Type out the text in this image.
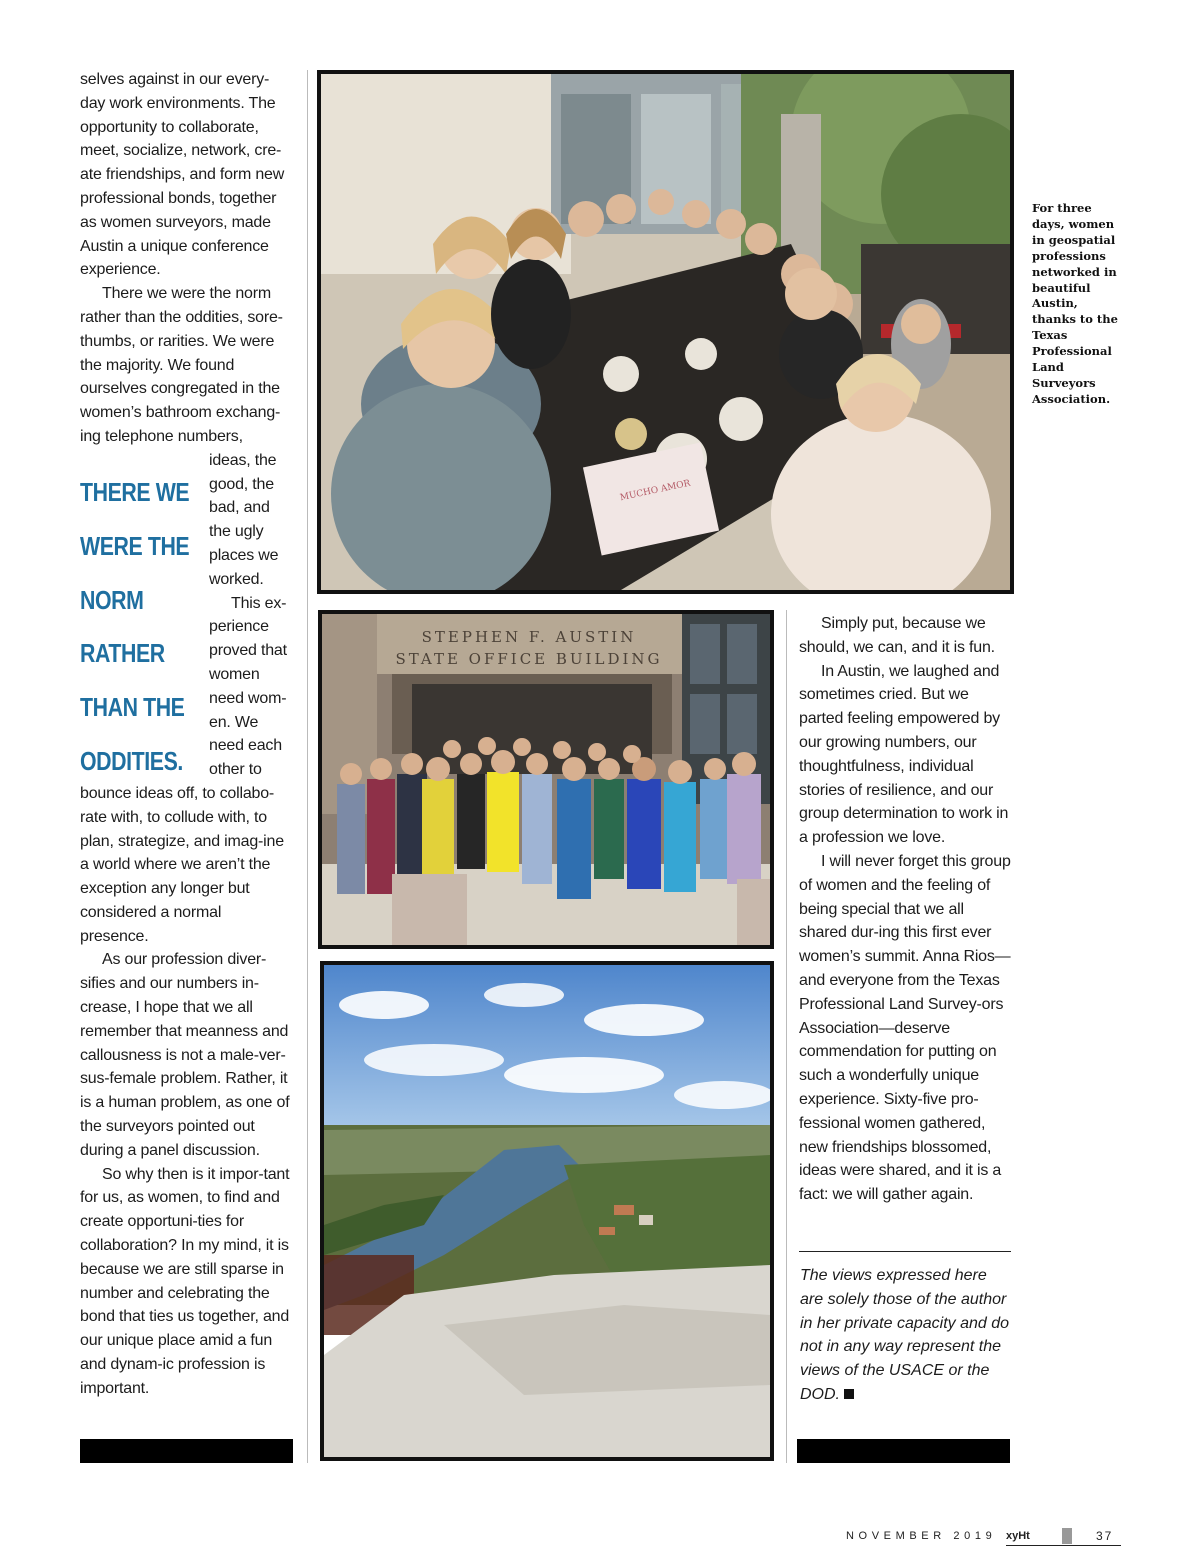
selves against in our every-day work environments. The opportunity to collaborate, meet, socialize, network, cre-ate friendships, and form new professional bonds, together as women surveyors, made Austin a unique conference experience.

There we were the norm rather than the oddities, sore-thumbs, or rarities. We were the majority. We found ourselves congregated in the women’s bathroom exchang-ing telephone numbers,

ideas, the
good, the
bad, and
the ugly
places we
worked.
This ex-
perience
proved that
women
need wom-
en. We
need each
other to

bounce ideas off, to collabo-rate with, to collude with, to plan, strategize, and imag-ine a world where we aren’t the exception any longer but considered a normal presence.

As our profession diver-sifies and our numbers in-crease, I hope that we all remember that meanness and callousness is not a male-ver-sus-female problem. Rather, it is a human problem, as one of the surveyors pointed out during a panel discussion.

So why then is it impor-tant for us, as women, to find and create opportuni-ties for collaboration? In my mind, it is because we are still sparse in number and celebrating the bond that ties us together, and our unique place amid a fun and dynam-ic profession is important.

THERE WE
WERE THE
NORM
RATHER
THAN THE
ODDITIES.
MUCHO AMOR
For three days, women in geospatial professions networked in beautiful Austin, thanks to the Texas Professional Land Surveyors Association.
STEPHEN F. AUSTIN
STATE OFFICE BUILDING

Simply put, because we should, we can, and it is fun.

In Austin, we laughed and sometimes cried. But we parted feeling empowered by our growing numbers, our thoughtfulness, individual stories of resilience, and our group determination to work in a profession we love.

I will never forget this group of women and the feeling of being special that we all shared dur-ing this first ever women’s summit. Anna Rios—and everyone from the Texas Professional Land Survey-ors Association—deserve commendation for putting on such a wonderfully unique experience. Sixty-five pro-fessional women gathered, new friendships blossomed, ideas were shared, and it is a fact: we will gather again.

The views expressed here are solely those of the author in her private capacity and do not in any way represent the views of the USACE or the DOD.
NOVEMBER 2019 xyHt	37
